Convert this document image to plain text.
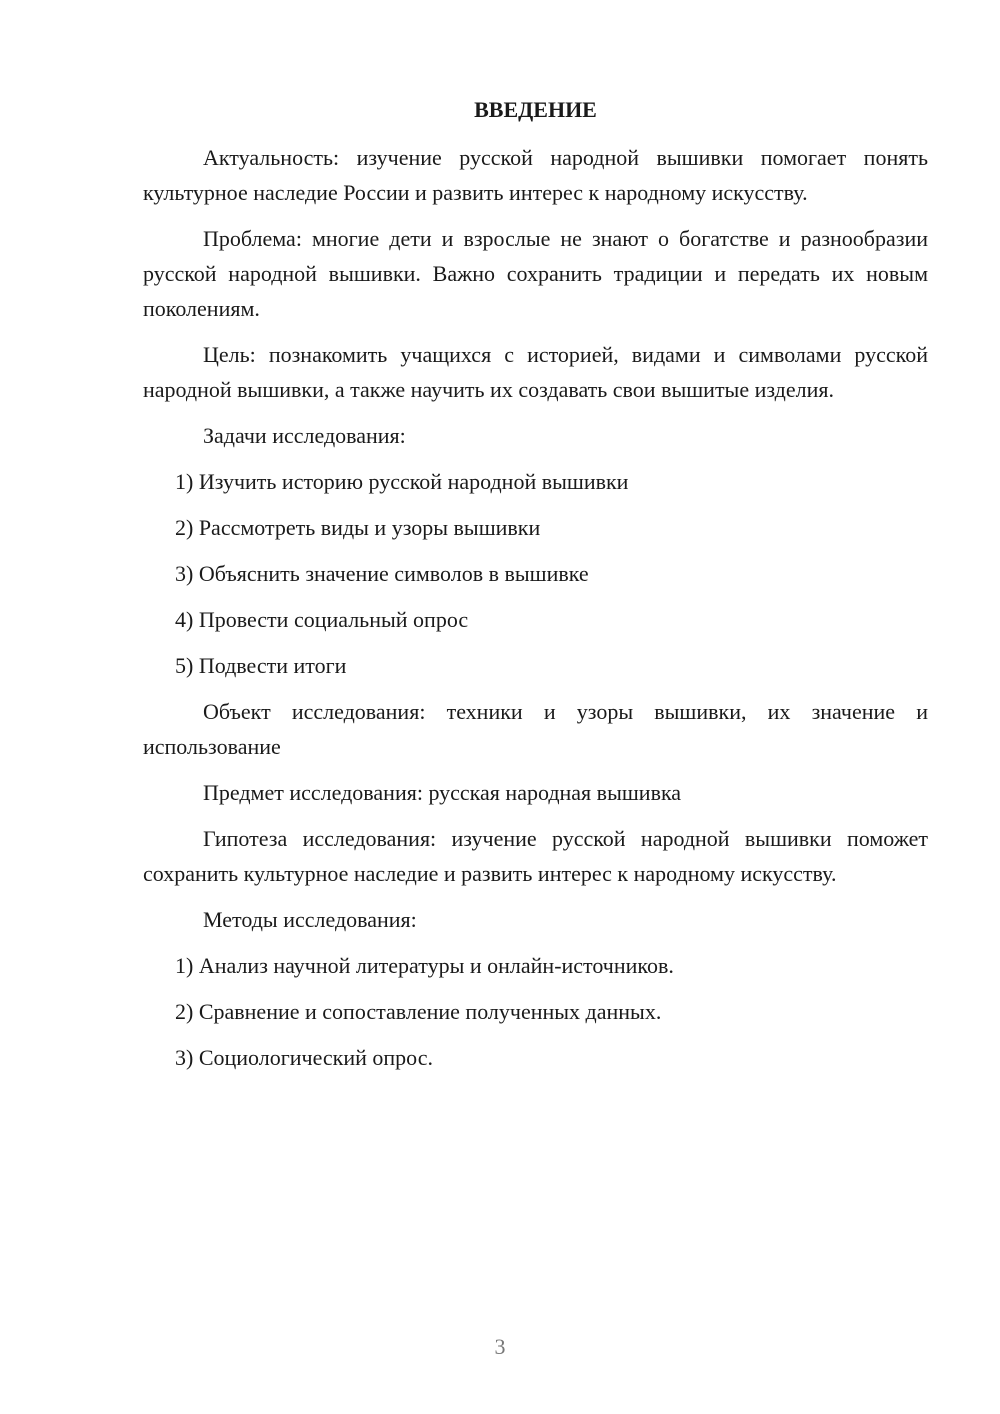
ВВЕДЕНИЕ

Актуальность: изучение русской народной вышивки помогает понять культурное наследие России и развить интерес к народному искусству.

Проблема: многие дети и взрослые не знают о богатстве и разнообразии русской народной вышивки. Важно сохранить традиции и передать их новым поколениям.

Цель: познакомить учащихся с историей, видами и символами русской народной вышивки, а также научить их создавать свои вышитые изделия.

Задачи исследования:

1) Изучить историю русской народной вышивки
2) Рассмотреть виды и узоры вышивки
3) Объяснить значение символов в вышивке
4) Провести социальный опрос
5) Подвести итоги

Объект исследования: техники и узоры вышивки, их значение и использование

Предмет исследования: русская народная вышивка

Гипотеза исследования: изучение русской народной вышивки поможет сохранить культурное наследие и развить интерес к народному искусству.

Методы исследования:

1) Анализ научной литературы и онлайн-источников.
2) Сравнение и сопоставление полученных данных.
3) Социологический опрос.
3
